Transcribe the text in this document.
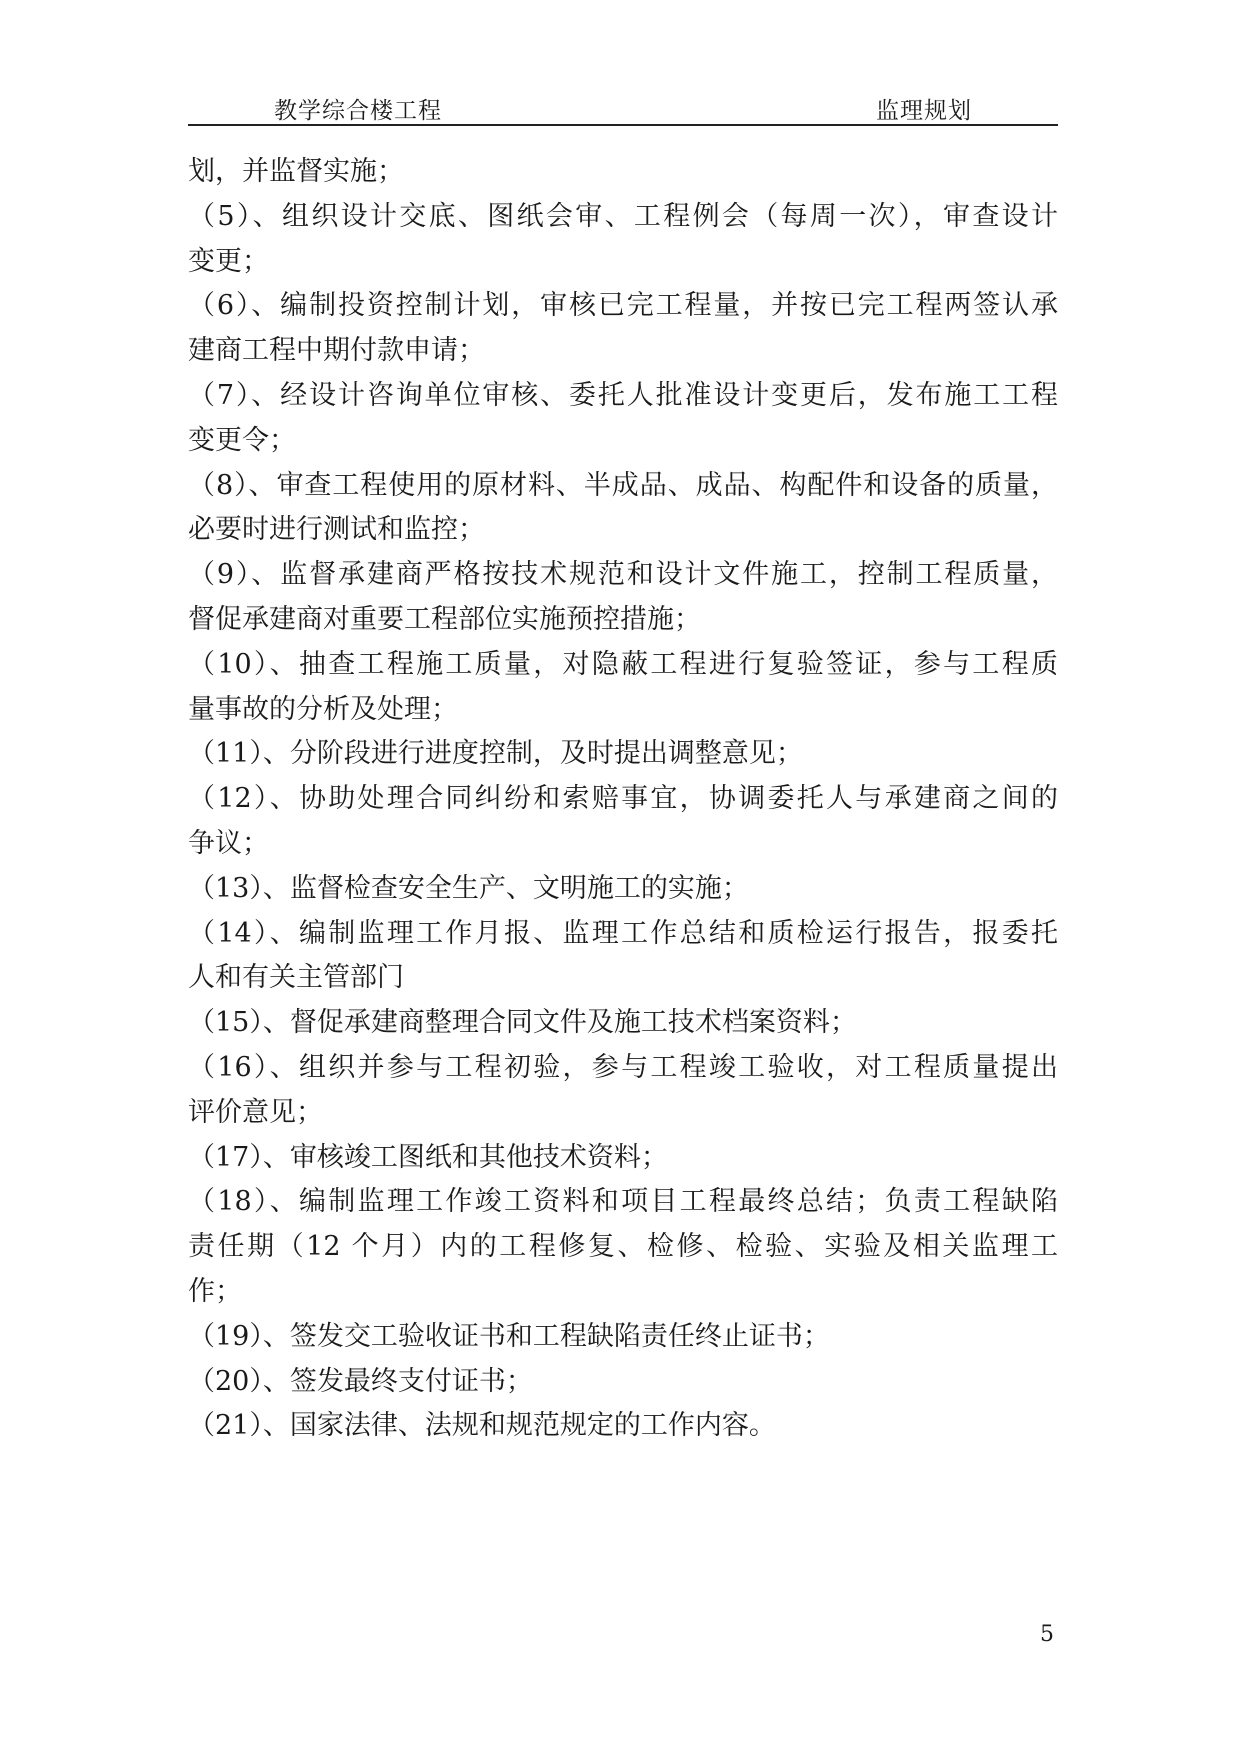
教学综合楼工程	监理规划
划，并监督实施；
（5）、组织设计交底、图纸会审、工程例会（每周一次），审查设计
变更；
（6）、编制投资控制计划，审核已完工程量，并按已完工程两签认承
建商工程中期付款申请；
（7）、经设计咨询单位审核、委托人批准设计变更后，发布施工工程
变更令；
（8）、审查工程使用的原材料、半成品、成品、构配件和设备的质量，
必要时进行测试和监控；
（9）、监督承建商严格按技术规范和设计文件施工，控制工程质量，
督促承建商对重要工程部位实施预控措施；
（10）、抽查工程施工质量，对隐蔽工程进行复验签证，参与工程质
量事故的分析及处理；
（11）、分阶段进行进度控制，及时提出调整意见；
（12）、协助处理合同纠纷和索赔事宜，协调委托人与承建商之间的
争议；
（13）、监督检查安全生产、文明施工的实施；
（14）、编制监理工作月报、监理工作总结和质检运行报告，报委托
人和有关主管部门
（15）、督促承建商整理合同文件及施工技术档案资料；
（16）、组织并参与工程初验，参与工程竣工验收，对工程质量提出
评价意见；
（17）、审核竣工图纸和其他技术资料；
（18）、编制监理工作竣工资料和项目工程最终总结；负责工程缺陷
责任期（12 个月）内的工程修复、检修、检验、实验及相关监理工
作；
（19）、签发交工验收证书和工程缺陷责任终止证书；
（20）、签发最终支付证书；
（21）、国家法律、法规和规范规定的工作内容。
5
